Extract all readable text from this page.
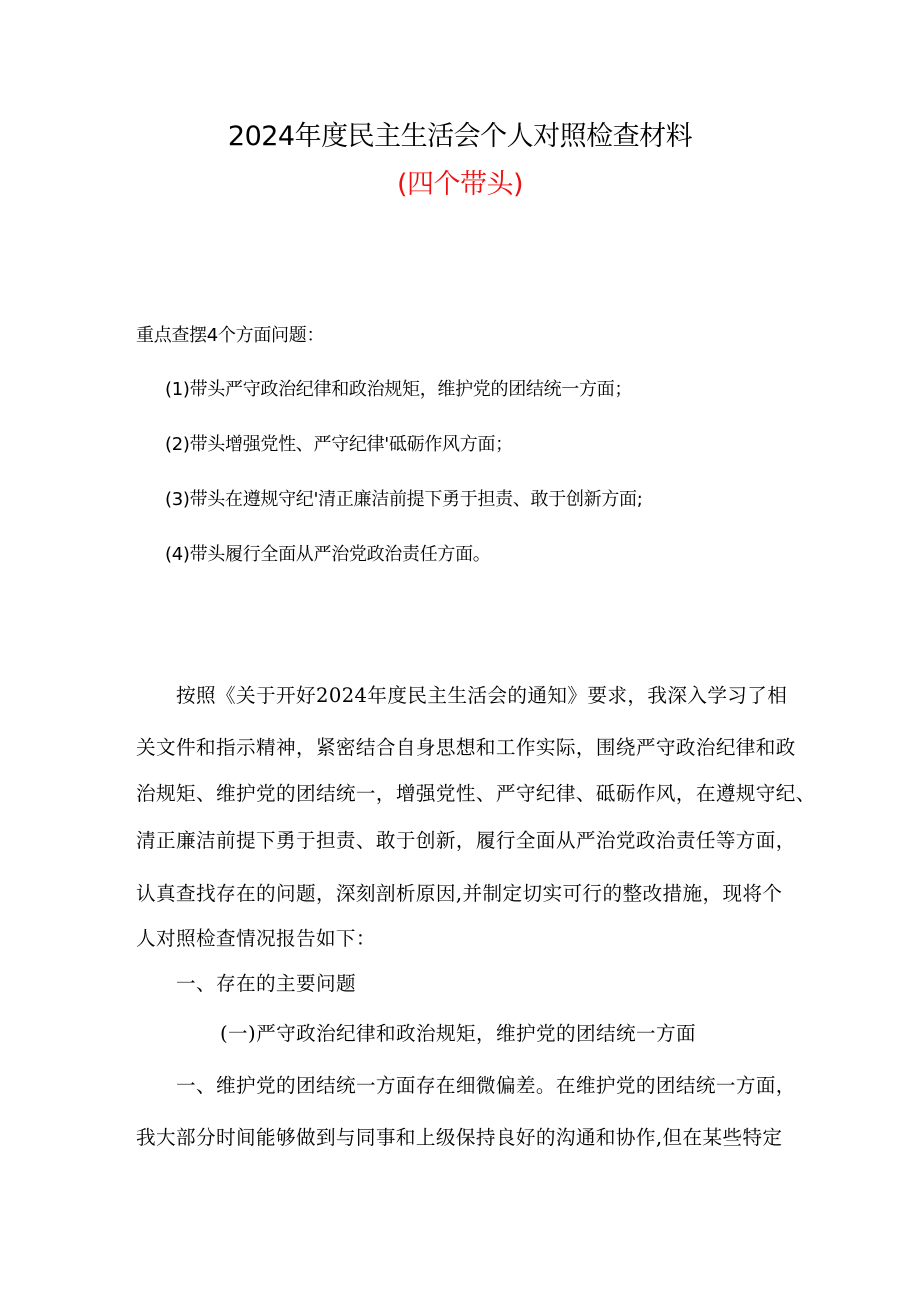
2024年度民主生活会个人对照检查材料
(四个带头)
重点查摆4个方面问题：
(1)带头严守政治纪律和政治规矩，维护党的团结统一方面；
(2)带头增强党性、严守纪律'砥砺作风方面；
(3)带头在遵规守纪'清正廉洁前提下勇于担责、敢于创新方面;
(4)带头履行全面从严治党政治责任方面。
按照《关于开好2024年度民主生活会的通知》要求，我深入学习了相
关文件和指示精神，紧密结合自身思想和工作实际，围绕严守政治纪律和政
治规矩、维护党的团结统一，增强党性、严守纪律、砥砺作风，在遵规守纪、
清正廉洁前提下勇于担责、敢于创新，履行全面从严治党政治责任等方面，
认真查找存在的问题，深刻剖析原因,并制定切实可行的整改措施，现将个
人对照检查情况报告如下：
一、存在的主要问题
(一)严守政治纪律和政治规矩，维护党的团结统一方面
一、维护党的团结统一方面存在细微偏差。在维护党的团结统一方面，
我大部分时间能够做到与同事和上级保持良好的沟通和协作,但在某些特定
